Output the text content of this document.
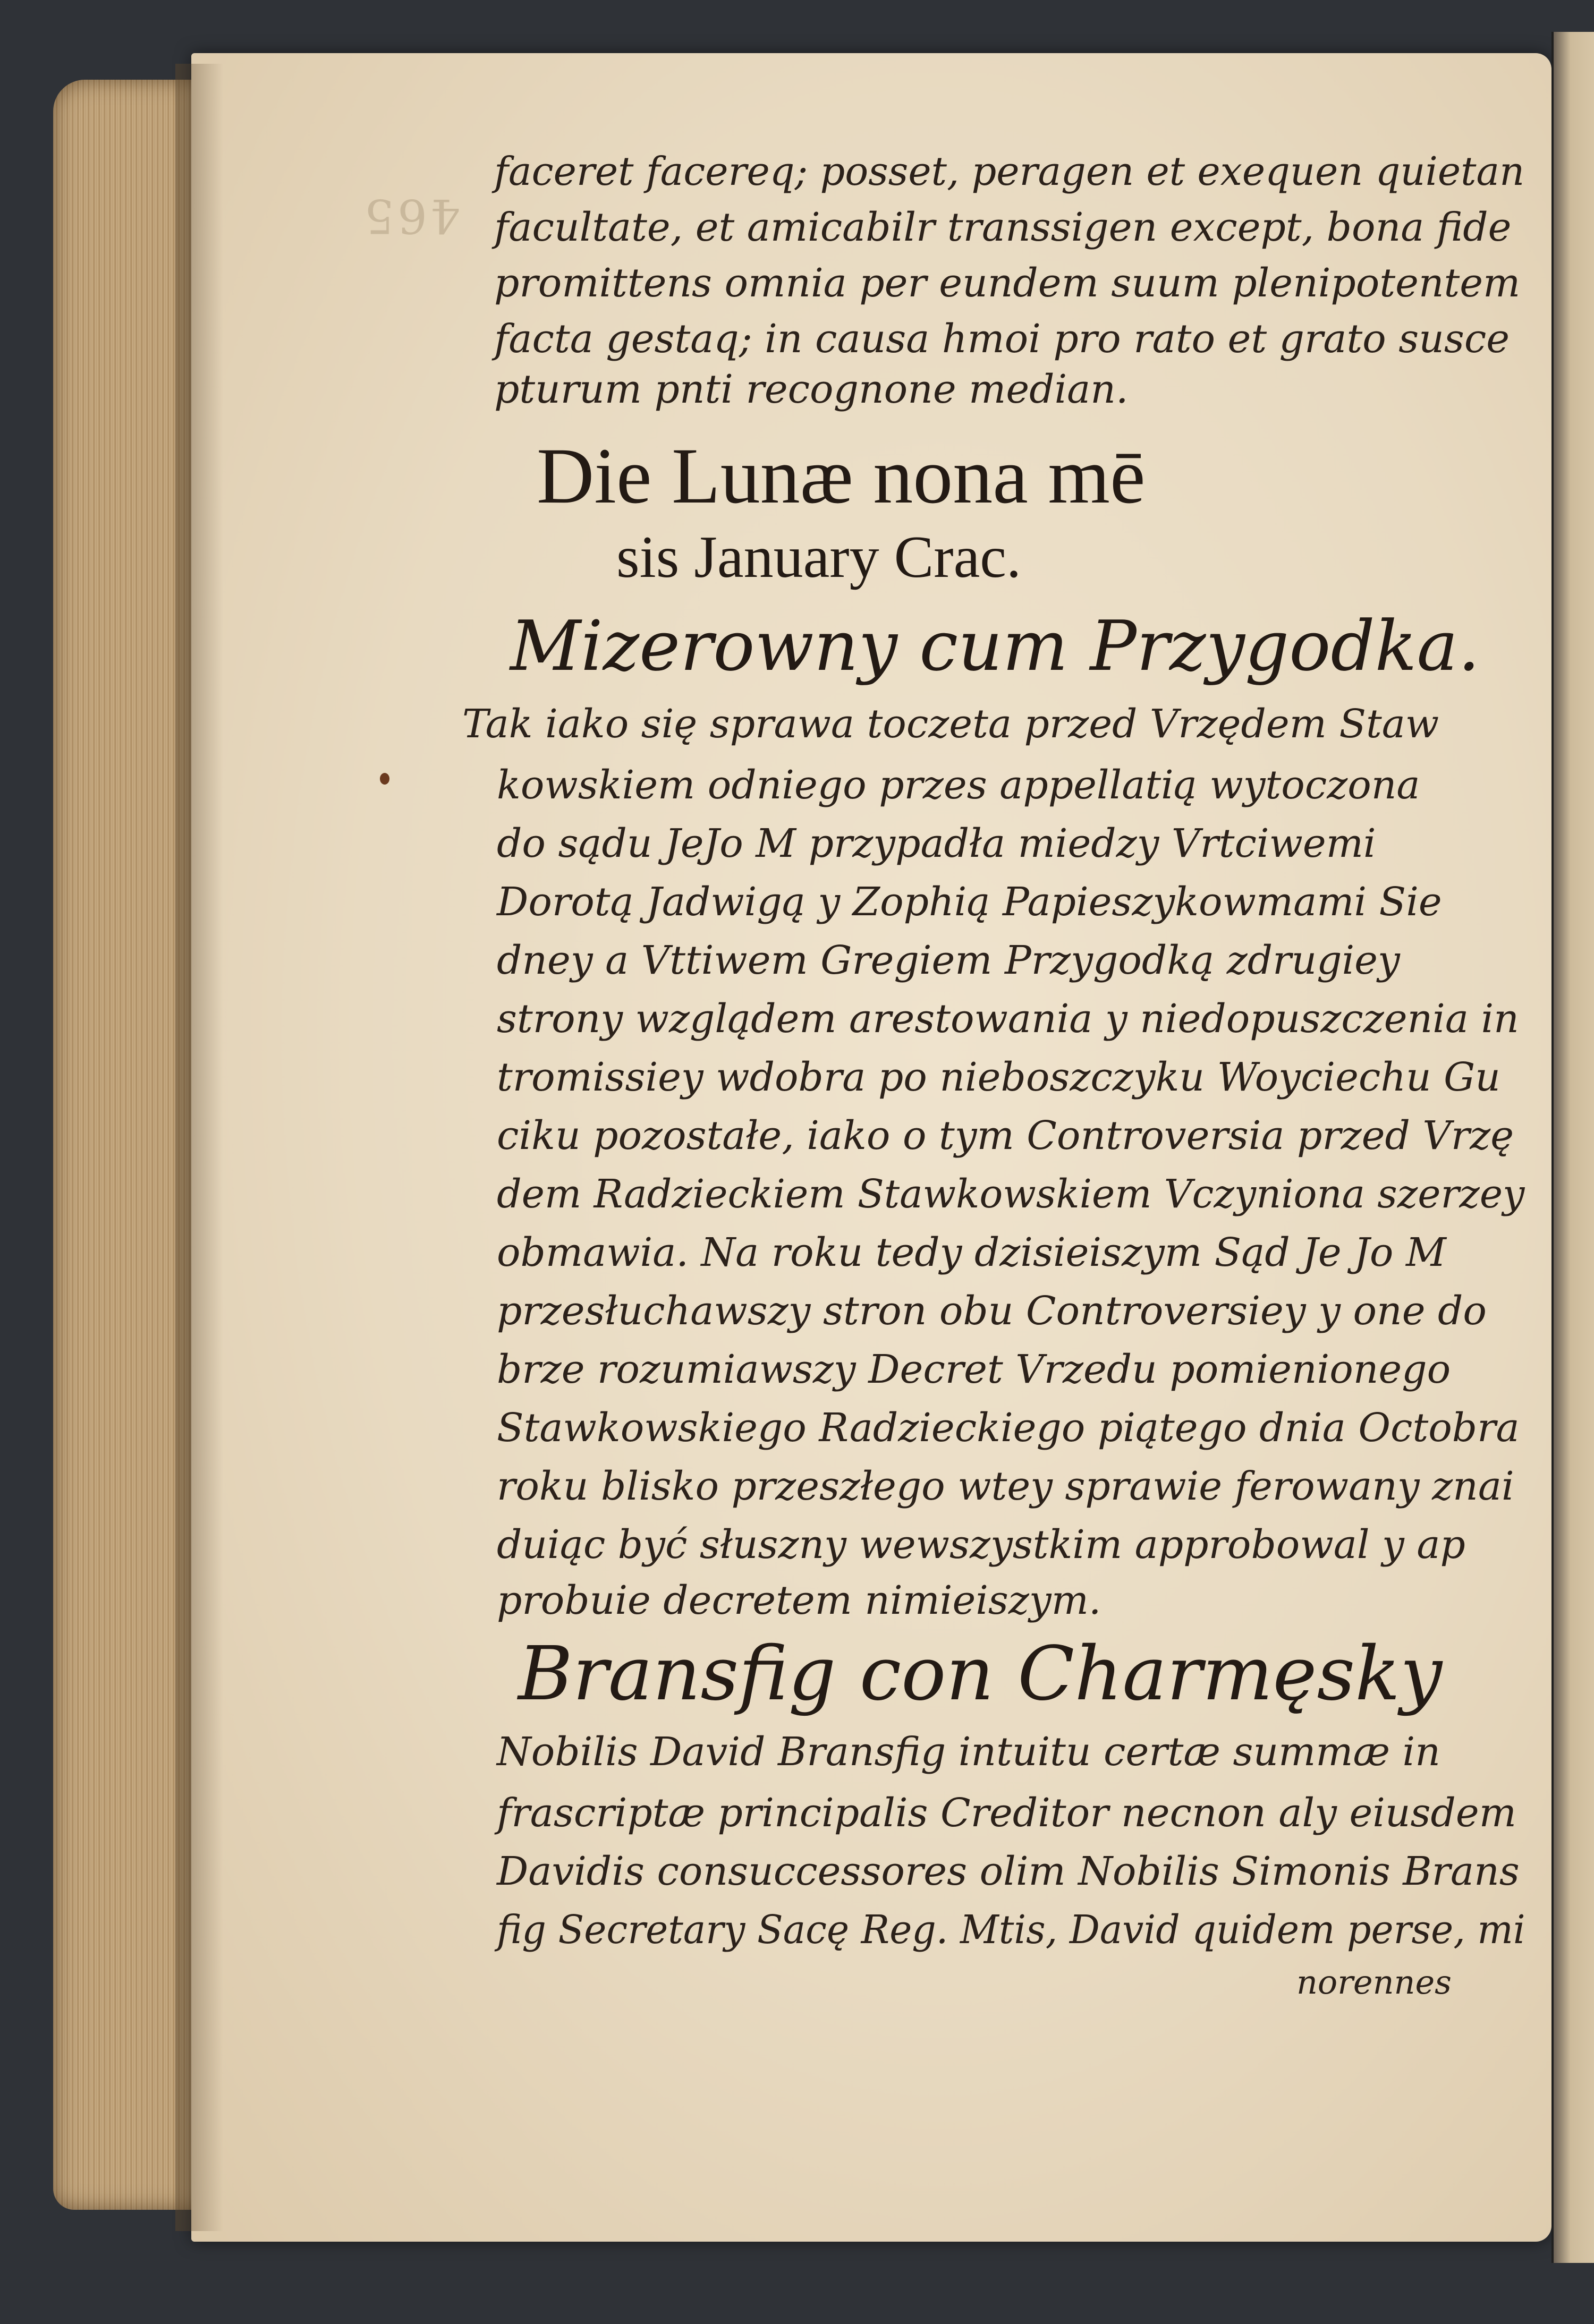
465
faceret facereq; posset, peragen et exequen quietan
facultate, et amicabilr transsigen except, bona fide
promittens omnia per eundem suum plenipotentem
facta gestaq; in causa hmoi pro rato et grato susce
pturum pnti recognone median.
Die Lunæ nona mē
sis January Crac.
Mizerowny cum Przygodka.
Tak iako się sprawa toczeta przed Vrzędem Staw
kowskiem odniego przes appellatią wytoczona
do sądu JeJo M przypadła miedzy Vrtciwemi
Dorotą Jadwigą y Zophią Papieszykowmami Sie
dney a Vttiwem Gregiem Przygodką zdrugiey
strony wzglądem arestowania y niedopuszczenia in
tromissiey wdobra po nieboszczyku Woyciechu Gu
ciku pozostałe, iako o tym Controversia przed Vrzę
dem Radzieckiem Stawkowskiem Vczyniona szerzey
obmawia. Na roku tedy dzisieiszym Sąd Je Jo M
przesłuchawszy stron obu Controversiey y one do
brze rozumiawszy Decret Vrzedu pomienionego
Stawkowskiego Radzieckiego piątego dnia Octobra
roku blisko przeszłego wtey sprawie ferowany znai
duiąc być słuszny wewszystkim approbowal y ap
probuie decretem nimieiszym.
Bransfig con Charmęsky
Nobilis David Bransfig intuitu certæ summæ in
frascriptæ principalis Creditor necnon aly eiusdem
Davidis consuccessores olim Nobilis Simonis Brans
fig Secretary Sacę Reg. Mtis, David quidem perse, mi
norennes
